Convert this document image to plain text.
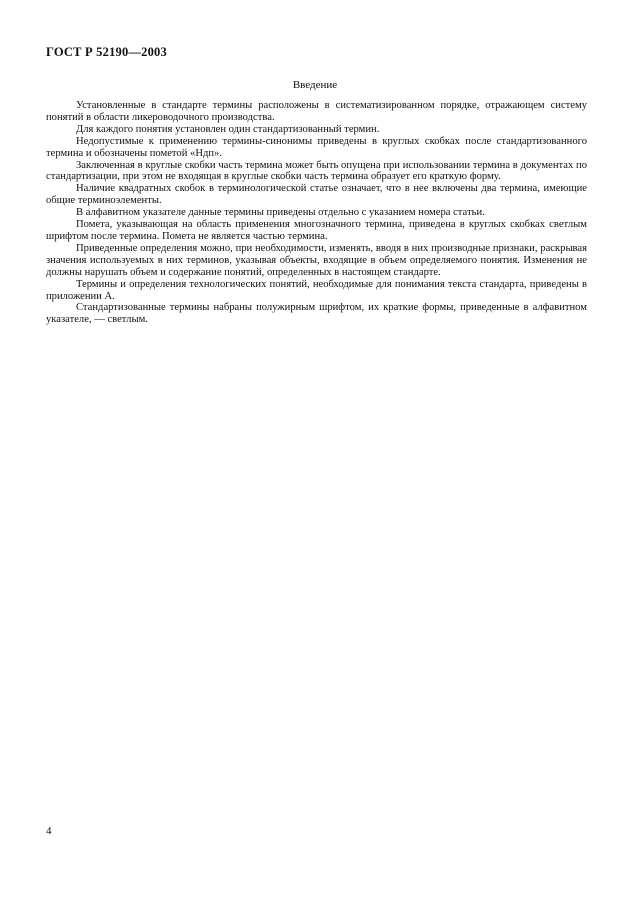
ГОСТ Р 52190—2003
Введение

Установленные в стандарте термины расположены в систематизированном порядке, отражающем систему понятий в области ликероводочного производства.

Для каждого понятия установлен один стандартизованный термин.

Недопустимые к применению термины-синонимы приведены в круглых скобках после стандартизованного термина и обозначены пометой «Ндп».

Заключенная в круглые скобки часть термина может быть опущена при использовании термина в документах по стандартизации, при этом не входящая в круглые скобки часть термина образует его краткую форму.

Наличие квадратных скобок в терминологической статье означает, что в нее включены два термина, имеющие общие терминоэлементы.

В алфавитном указателе данные термины приведены отдельно с указанием номера статьи.

Помета, указывающая на область применения многозначного термина, приведена в круглых скобках светлым шрифтом после термина. Помета не является частью термина.

Приведенные определения можно, при необходимости, изменять, вводя в них производные признаки, раскрывая значения используемых в них терминов, указывая объекты, входящие в объем определяемого понятия. Изменения не должны нарушать объем и содержание понятий, определенных в настоящем стандарте.

Термины и определения технологических понятий, необходимые для понимания текста стандарта, приведены в приложении А.

Стандартизованные термины набраны полужирным шрифтом, их краткие формы, приведенные в алфавитном указателе, — светлым.

4
